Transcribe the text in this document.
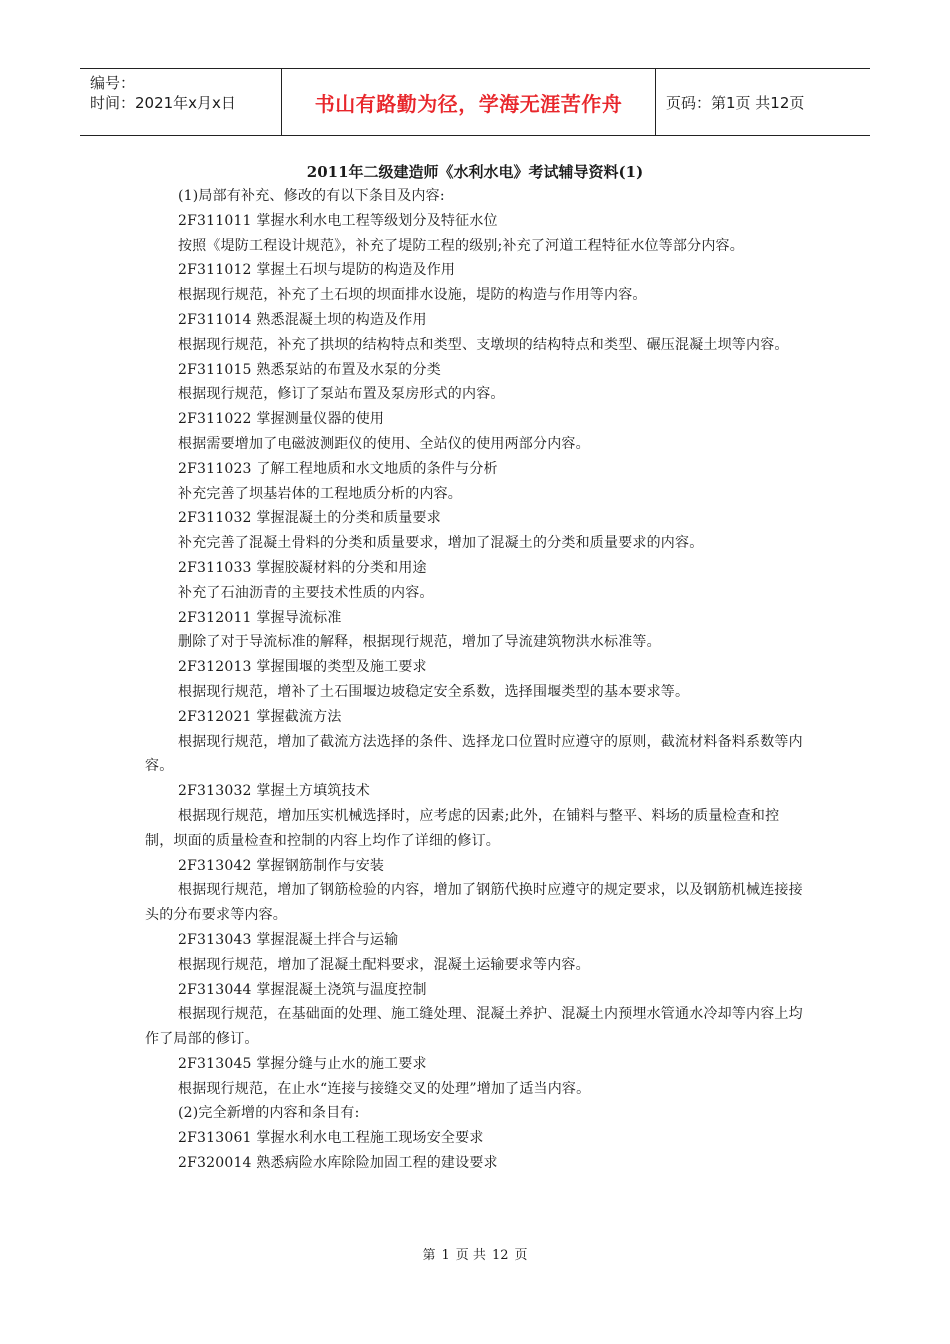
编号：
时间：2021年x月x日	书山有路勤为径，学海无涯苦作舟	页码：第1页 共12页
2011年二级建造师《水利水电》考试辅导资料(1)

(1)局部有补充、修改的有以下条目及内容:

2F311011 掌握水利水电工程等级划分及特征水位

按照《堤防工程设计规范》，补充了堤防工程的级别;补充了河道工程特征水位等部分内容。

2F311012 掌握土石坝与堤防的构造及作用

根据现行规范，补充了土石坝的坝面排水设施，堤防的构造与作用等内容。

2F311014 熟悉混凝土坝的构造及作用

根据现行规范，补充了拱坝的结构特点和类型、支墩坝的结构特点和类型、碾压混凝土坝等内容。

2F311015 熟悉泵站的布置及水泵的分类

根据现行规范，修订了泵站布置及泵房形式的内容。

2F311022 掌握测量仪器的使用

根据需要增加了电磁波测距仪的使用、全站仪的使用两部分内容。

2F311023 了解工程地质和水文地质的条件与分析

补充完善了坝基岩体的工程地质分析的内容。

2F311032 掌握混凝土的分类和质量要求

补充完善了混凝土骨料的分类和质量要求，增加了混凝土的分类和质量要求的内容。

2F311033 掌握胶凝材料的分类和用途

补充了石油沥青的主要技术性质的内容。

2F312011 掌握导流标准

删除了对于导流标准的解释，根据现行规范，增加了导流建筑物洪水标准等。

2F312013 掌握围堰的类型及施工要求

根据现行规范，增补了土石围堰边坡稳定安全系数，选择围堰类型的基本要求等。

2F312021 掌握截流方法

根据现行规范，增加了截流方法选择的条件、选择龙口位置时应遵守的原则，截流材料备料系数等内容。

2F313032 掌握土方填筑技术

根据现行规范，增加压实机械选择时，应考虑的因素;此外，在铺料与整平、料场的质量检查和控制，坝面的质量检查和控制的内容上均作了详细的修订。

2F313042 掌握钢筋制作与安装

根据现行规范，增加了钢筋检验的内容，增加了钢筋代换时应遵守的规定要求，以及钢筋机械连接接头的分布要求等内容。

2F313043 掌握混凝土拌合与运输

根据现行规范，增加了混凝土配料要求，混凝土运输要求等内容。

2F313044 掌握混凝土浇筑与温度控制

根据现行规范，在基础面的处理、施工缝处理、混凝土养护、混凝土内预埋水管通水冷却等内容上均作了局部的修订。

2F313045 掌握分缝与止水的施工要求

根据现行规范，在止水“连接与接缝交叉的处理”增加了适当内容。

(2)完全新增的内容和条目有:

2F313061 掌握水利水电工程施工现场安全要求

2F320014 熟悉病险水库除险加固工程的建设要求

第 1 页 共 12 页
